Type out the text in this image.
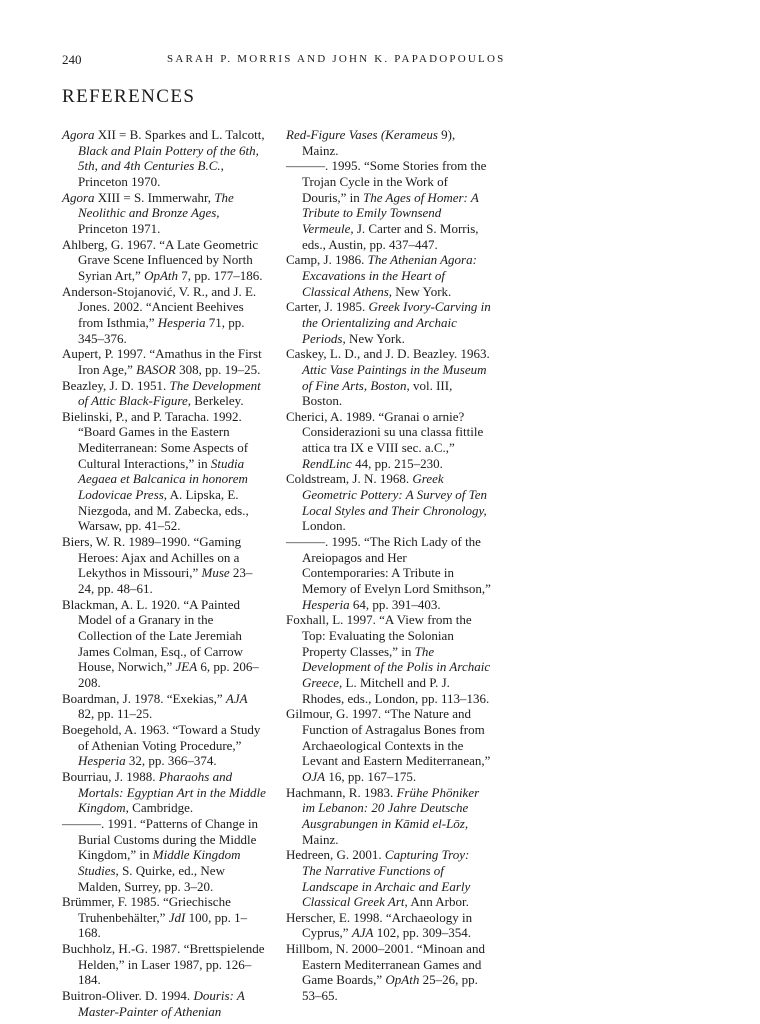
240	SARAH P. MORRIS AND JOHN K. PAPADOPOULOS
REFERENCES
Agora XII = B. Sparkes and L. Talcott, Black and Plain Pottery of the 6th, 5th, and 4th Centuries B.C., Princeton 1970.
Agora XIII = S. Immerwahr, The Neolithic and Bronze Ages, Princeton 1971.
Ahlberg, G. 1967. “A Late Geometric Grave Scene Influenced by North Syrian Art,” OpAth 7, pp. 177–186.
Anderson-Stojanović, V. R., and J. E. Jones. 2002. “Ancient Beehives from Isthmia,” Hesperia 71, pp. 345–376.
Aupert, P. 1997. “Amathus in the First Iron Age,” BASOR 308, pp. 19–25.
Beazley, J. D. 1951. The Development of Attic Black-Figure, Berkeley.
Bielinski, P., and P. Taracha. 1992. “Board Games in the Eastern Mediterranean: Some Aspects of Cultural Interactions,” in Studia Aegaea et Balcanica in honorem Lodovicae Press, A. Lipska, E. Niezgoda, and M. Zabecka, eds., Warsaw, pp. 41–52.
Biers, W. R. 1989–1990. “Gaming Heroes: Ajax and Achilles on a Lekythos in Missouri,” Muse 23–24, pp. 48–61.
Blackman, A. L. 1920. “A Painted Model of a Granary in the Collection of the Late Jeremiah James Colman, Esq., of Carrow House, Norwich,” JEA 6, pp. 206–208.
Boardman, J. 1978. “Exekias,” AJA 82, pp. 11–25.
Boegehold, A. 1963. “Toward a Study of Athenian Voting Procedure,” Hesperia 32, pp. 366–374.
Bourriau, J. 1988. Pharaohs and Mortals: Egyptian Art in the Middle Kingdom, Cambridge.
———. 1991. “Patterns of Change in Burial Customs during the Middle Kingdom,” in Middle Kingdom Studies, S. Quirke, ed., New Malden, Surrey, pp. 3–20.
Brümmer, F. 1985. “Griechische Truhenbehälter,” JdI 100, pp. 1–168.
Buchholz, H.-G. 1987. “Brettspielende Helden,” in Laser 1987, pp. 126–184.
Buitron-Oliver. D. 1994. Douris: A Master-Painter of Athenian
Red-Figure Vases (Kerameus 9), Mainz.
———. 1995. “Some Stories from the Trojan Cycle in the Work of Douris,” in The Ages of Homer: A Tribute to Emily Townsend Vermeule, J. Carter and S. Morris, eds., Austin, pp. 437–447.
Camp, J. 1986. The Athenian Agora: Excavations in the Heart of Classical Athens, New York.
Carter, J. 1985. Greek Ivory-Carving in the Orientalizing and Archaic Periods, New York.
Caskey, L. D., and J. D. Beazley. 1963. Attic Vase Paintings in the Museum of Fine Arts, Boston, vol. III, Boston.
Cherici, A. 1989. “Granai o arnie? Considerazioni su una classa fittile attica tra IX e VIII sec. a.C.,” RendLinc 44, pp. 215–230.
Coldstream, J. N. 1968. Greek Geometric Pottery: A Survey of Ten Local Styles and Their Chronology, London.
———. 1995. “The Rich Lady of the Areiopagos and Her Contemporaries: A Tribute in Memory of Evelyn Lord Smithson,” Hesperia 64, pp. 391–403.
Foxhall, L. 1997. “A View from the Top: Evaluating the Solonian Property Classes,” in The Development of the Polis in Archaic Greece, L. Mitchell and P. J. Rhodes, eds., London, pp. 113–136.
Gilmour, G. 1997. “The Nature and Function of Astragalus Bones from Archaeological Contexts in the Levant and Eastern Mediterranean,” OJA 16, pp. 167–175.
Hachmann, R. 1983. Frühe Phöniker im Lebanon: 20 Jahre Deutsche Ausgrabungen in Kāmid el-Lōz, Mainz.
Hedreen, G. 2001. Capturing Troy: The Narrative Functions of Landscape in Archaic and Early Classical Greek Art, Ann Arbor.
Herscher, E. 1998. “Archaeology in Cyprus,” AJA 102, pp. 309–354.
Hillbom, N. 2000–2001. “Minoan and Eastern Mediterranean Games and Game Boards,” OpAth 25–26, pp. 53–65.
